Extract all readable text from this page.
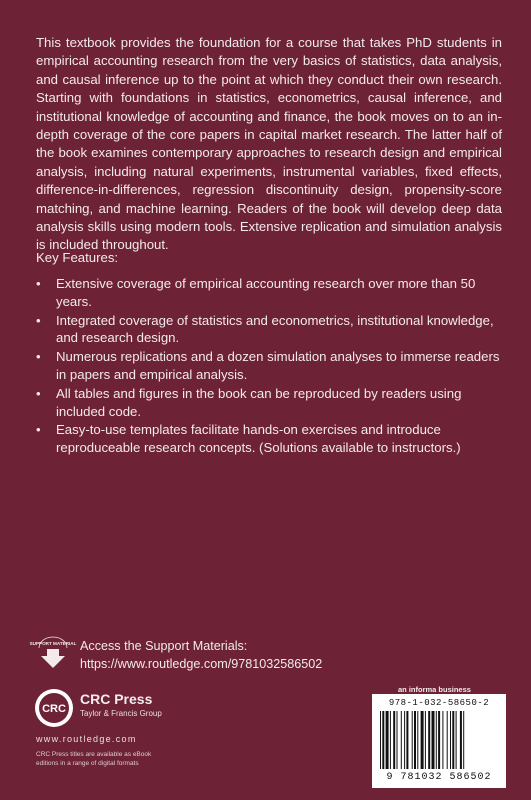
This textbook provides the foundation for a course that takes PhD students in empirical accounting research from the very basics of statistics, data analysis, and causal inference up to the point at which they conduct their own research. Starting with foundations in statistics, econometrics, causal inference, and institutional knowledge of accounting and finance, the book moves on to an in-depth coverage of the core papers in capital market research. The latter half of the book examines contemporary approaches to research design and empirical analysis, including natural experiments, instrumental variables, fixed effects, difference-in-differences, regression discontinuity design, propensity-score matching, and machine learning. Readers of the book will develop deep data analysis skills using modern tools. Extensive replication and simulation analysis is included throughout.

Key Features:

• Extensive coverage of empirical accounting research over more than 50 years.
• Integrated coverage of statistics and econometrics, institutional knowledge, and research design.
• Numerous replications and a dozen simulation analyses to immerse readers in papers and empirical analysis.
• All tables and figures in the book can be reproduced by readers using included code.
• Easy-to-use templates facilitate hands-on exercises and introduce reproduceable research concepts. (Solutions available to instructors.)
SUPPORT MATERIAL Access the Support Materials:
https://www.routledge.com/9781032586502
CRC
CRC Press
Taylor & Francis Group
www.routledge.com
CRC Press titles are available as eBook editions in a range of digital formats
an informa business
978-1-032-58650-2
9 781032 586502
